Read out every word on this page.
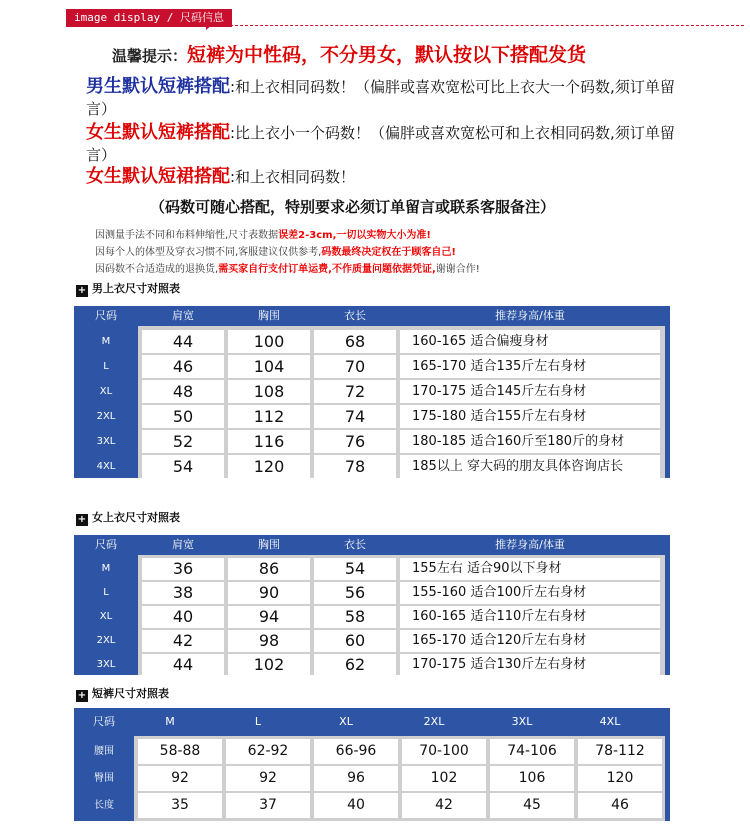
image display / 尺码信息
温馨提示：短裤为中性码，不分男女，默认按以下搭配发货
男生默认短裤搭配:和上衣相同码数！（偏胖或喜欢宽松可比上衣大一个码数,须订单留言）
女生默认短裤搭配:比上衣小一个码数！（偏胖或喜欢宽松可和上衣相同码数,须订单留言）
女生默认短裙搭配:和上衣相同码数！
（码数可随心搭配，特别要求必须订单留言或联系客服备注）
因测量手法不同和布料伸缩性,尺寸表数据误差2-3cm,一切以实物大小为准!
因每个人的体型及穿衣习惯不同,客服建议仅供参考,码数最终决定权在于顾客自己!
因码数不合适造成的退换货,需买家自行支付订单运费,不作质量问题依据凭证,谢谢合作!
+ 男上衣尺寸对照表
尺码	肩宽	胸围	衣长	推荐身高/体重
M	44	100	68	160-165 适合偏瘦身材
L	46	104	70	165-170 适合135斤左右身材
XL	48	108	72	170-175 适合145斤左右身材
2XL	50	112	74	175-180 适合155斤左右身材
3XL	52	116	76	180-185 适合160斤至180斤的身材
4XL	54	120	78	185以上 穿大码的朋友具体咨询店长
+ 女上衣尺寸对照表
尺码	肩宽	胸围	衣长	推荐身高/体重
M	36	86	54	155左右 适合90以下身材
L	38	90	56	155-160 适合100斤左右身材
XL	40	94	58	160-165 适合110斤左右身材
2XL	42	98	60	165-170 适合120斤左右身材
3XL	44	102	62	170-175 适合130斤左右身材
+ 短裤尺寸对照表
尺码	M	L	XL	2XL	3XL	4XL
腰围	58-88	62-92	66-96	70-100	74-106	78-112
臀围	92	92	96	102	106	120
长度	35	37	40	42	45	46
